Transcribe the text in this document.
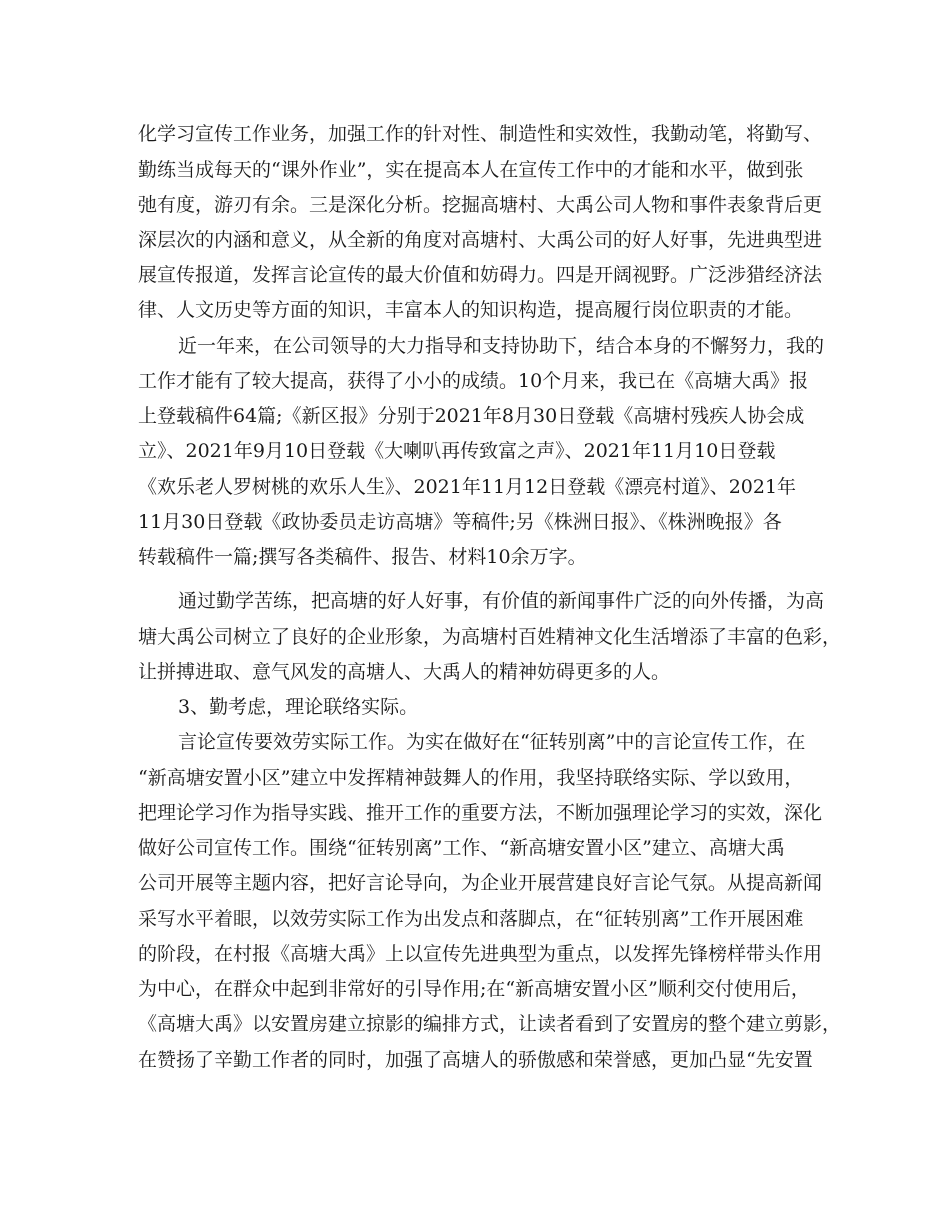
化学习宣传工作业务，加强工作的针对性、制造性和实效性，我勤动笔，将勤写、
勤练当成每天的“课外作业”，实在提高本人在宣传工作中的才能和水平，做到张
弛有度，游刃有余。三是深化分析。挖掘高塘村、大禹公司人物和事件表象背后更
深层次的内涵和意义，从全新的角度对高塘村、大禹公司的好人好事，先进典型进
展宣传报道，发挥言论宣传的最大价值和妨碍力。四是开阔视野。广泛涉猎经济法
律、人文历史等方面的知识，丰富本人的知识构造，提高履行岗位职责的才能。
近一年来，在公司领导的大力指导和支持协助下，结合本身的不懈努力，我的
工作才能有了较大提高，获得了小小的成绩。10个月来，我已在《高塘大禹》报
上登载稿件64篇;《新区报》分别于2021年8月30日登载《高塘村残疾人协会成
立》、2021年9月10日登载《大喇叭再传致富之声》、2021年11月10日登载
《欢乐老人罗树桃的欢乐人生》、2021年11月12日登载《漂亮村道》、2021年
11月30日登载《政协委员走访高塘》等稿件;另《株洲日报》、《株洲晚报》各
转载稿件一篇;撰写各类稿件、报告、材料10余万字。
通过勤学苦练，把高塘的好人好事，有价值的新闻事件广泛的向外传播，为高
塘大禹公司树立了良好的企业形象，为高塘村百姓精神文化生活增添了丰富的色彩，
让拼搏进取、意气风发的高塘人、大禹人的精神妨碍更多的人。
3、勤考虑，理论联络实际。
言论宣传要效劳实际工作。为实在做好在“征转别离”中的言论宣传工作，在
“新高塘安置小区”建立中发挥精神鼓舞人的作用，我坚持联络实际、学以致用，
把理论学习作为指导实践、推开工作的重要方法，不断加强理论学习的实效，深化
做好公司宣传工作。围绕“征转别离”工作、“新高塘安置小区”建立、高塘大禹
公司开展等主题内容，把好言论导向，为企业开展营建良好言论气氛。从提高新闻
采写水平着眼，以效劳实际工作为出发点和落脚点，在“征转别离”工作开展困难
的阶段，在村报《高塘大禹》上以宣传先进典型为重点，以发挥先锋榜样带头作用
为中心，在群众中起到非常好的引导作用;在“新高塘安置小区”顺利交付使用后，
《高塘大禹》以安置房建立掠影的编排方式，让读者看到了安置房的整个建立剪影，
在赞扬了辛勤工作者的同时，加强了高塘人的骄傲感和荣誉感，更加凸显“先安置
